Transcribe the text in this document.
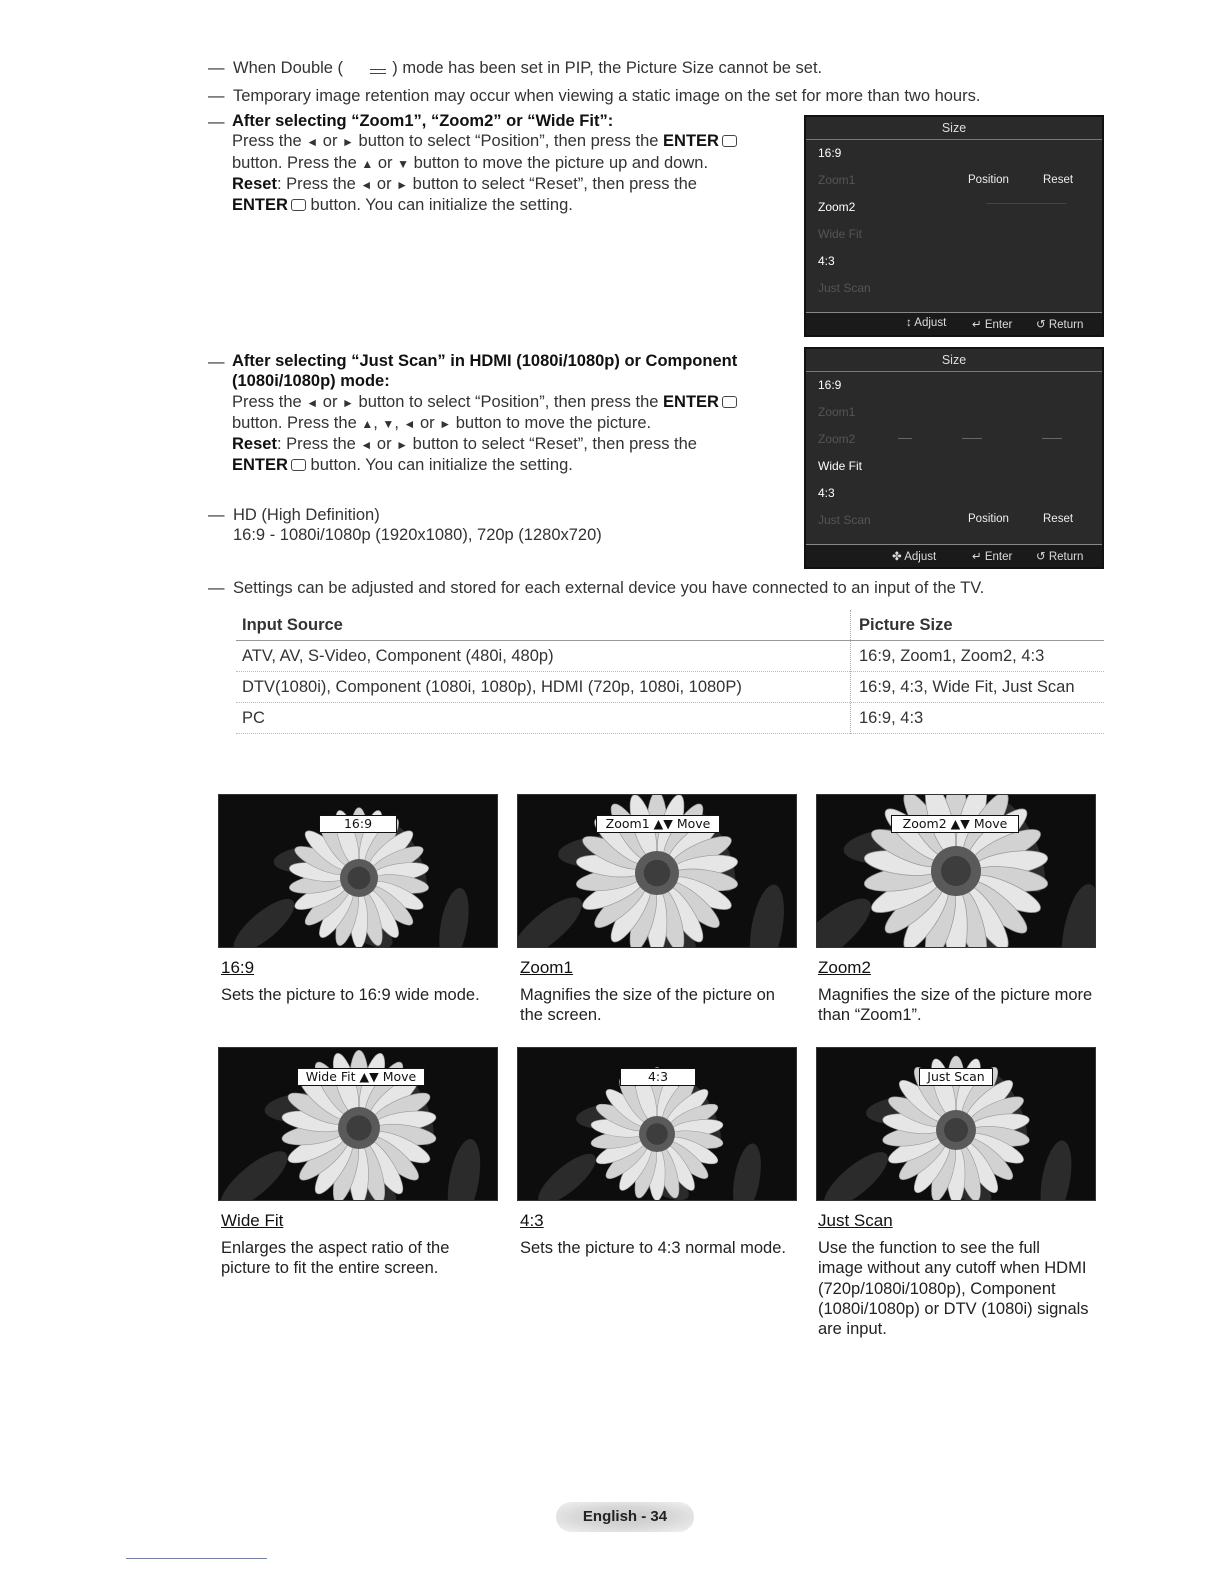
— When Double (	) mode has been set in PIP, the Picture Size cannot be set.
— Temporary image retention may occur when viewing a static image on the set for more than two hours.
— After selecting “Zoom1”, “Zoom2” or “Wide Fit”:
Press the ◄ or ► button to select “Position”, then press the ENTER
button. Press the ▲ or ▼ button to move the picture up and down.
Reset: Press the ◄ or ► button to select “Reset”, then press the
ENTER button. You can initialize the setting.
Size
16:9
Zoom1
Zoom2
Wide Fit
4:3
Just Scan
Position	Reset
↕ Adjust ↵ Enter ↺ Return
— After selecting “Just Scan” in HDMI (1080i/1080p) or Component
(1080i/1080p) mode:
Press the ◄ or ► button to select “Position”, then press the ENTER
button. Press the ▲, ▼, ◄ or ► button to move the picture.
Reset: Press the ◄ or ► button to select “Reset”, then press the
ENTER button. You can initialize the setting.
Size
16:9
Zoom1
Zoom2
Wide Fit
4:3
Just Scan	Position	Reset
✤ Adjust	↵ Enter ↺ Return
— HD (High Definition)
16:9 - 1080i/1080p (1920x1080), 720p (1280x720)
— Settings can be adjusted and stored for each external device you have connected to an input of the TV.
Input Source	Picture Size
ATV, AV, S-Video, Component (480i, 480p)	16:9, Zoom1, Zoom2, 4:3
DTV(1080i), Component (1080i, 1080p), HDMI (720p, 1080i, 1080P)	16:9, 4:3, Wide Fit, Just Scan
PC	16:9, 4:3
16:9	Zoom1 ▲▼ Move	Zoom2 ▲▼ Move
Wide Fit ▲▼ Move	4:3	Just Scan
16:9
Sets the picture to 16:9 wide mode.
Zoom1
Magnifies the size of the picture on
the screen.
Zoom2
Magnifies the size of the picture more
than “Zoom1”.
Wide Fit
Enlarges the aspect ratio of the
picture to fit the entire screen.
4:3
Sets the picture to 4:3 normal mode.
Just Scan
Use the function to see the full
image without any cutoff when HDMI
(720p/1080i/1080p), Component
(1080i/1080p) or DTV (1080i) signals
are input.
English - 34
